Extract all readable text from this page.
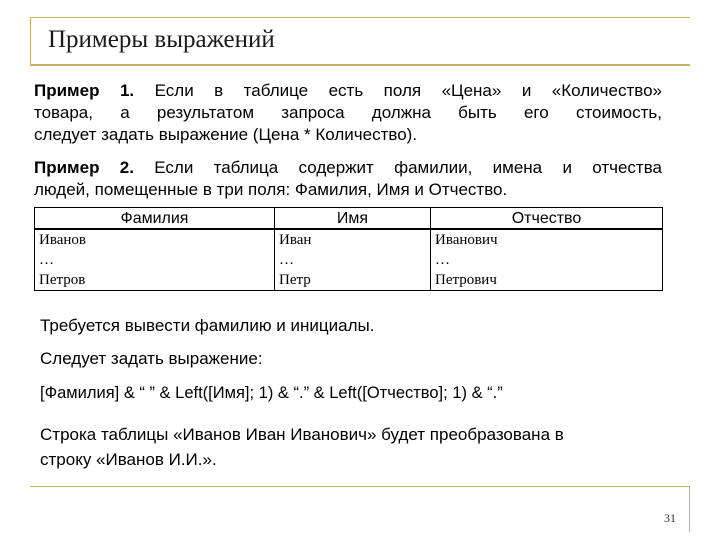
Примеры выражений
Пример 1. Если в таблице есть поля «Цена» и «Количество»
товара, а результатом запроса должна быть его стоимость,
следует задать выражение (Цена * Количество).
Пример 2. Если таблица содержит фамилии, имена и отчества
людей, помещенные в три поля: Фамилия, Имя и Отчество.
Фамилия	Имя	Отчество
Иванов	Иван	Иванович
…	…	…
Петров	Петр	Петрович
Требуется вывести фамилию и инициалы.
Следует задать выражение:
[Фамилия] & “ ” & Left([Имя]; 1) & “.” & Left([Отчество]; 1) & “.”
Строка таблицы «Иванов Иван Иванович» будет преобразована в
строку «Иванов И.И.».
31
